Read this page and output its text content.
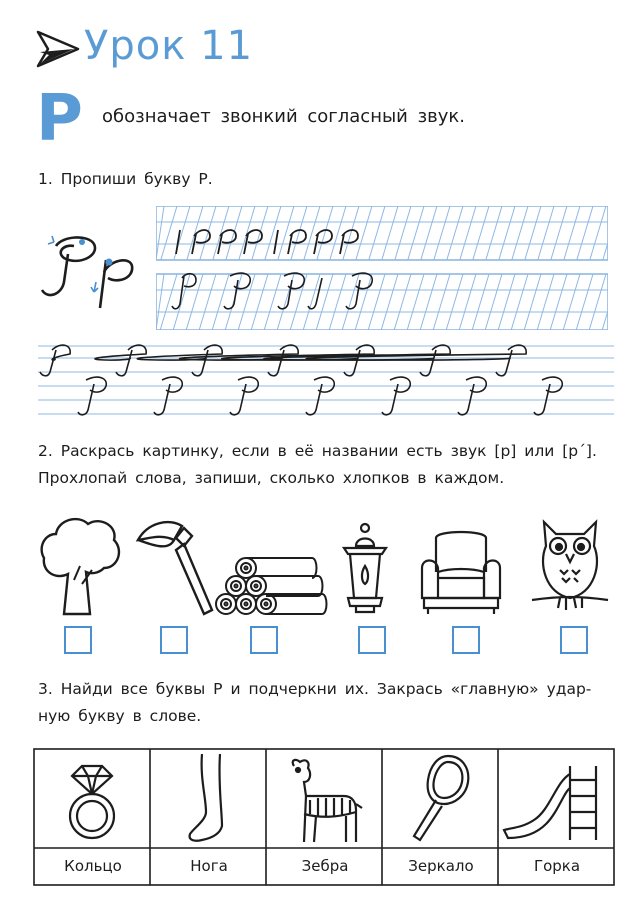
Урок 11
Р обозначает звонкий согласный звук.
1. Пропиши букву Р.
2. Раскрась картинку, если в её названии есть звук [р] или [р´].
Прохлопай слова, запиши, сколько хлопков в каждом.
3. Найди все буквы Р и подчеркни их. Закрась «главную» удар-
ную букву в слове.
Кольцо	Нога	Зебра	Зеркало	Горка
